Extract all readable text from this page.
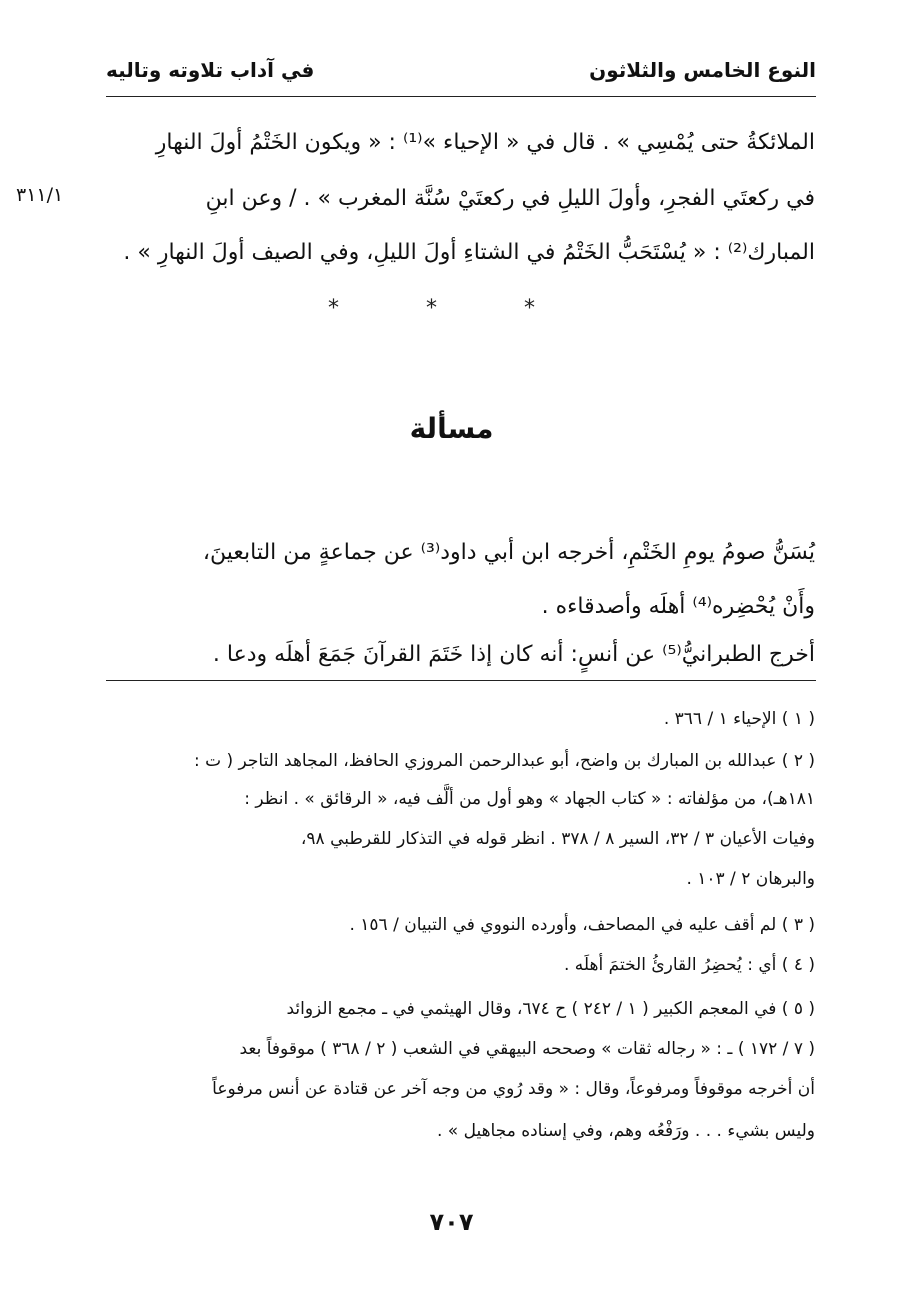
النوع الخامس والثلاثون
في آداب تلاوته وتاليه
الملائكةُ حتى يُمْسِي » . قال في « الإحياء »⁽¹⁾ : « ويكون الخَتْمُ أولَ النهارِ
في ركعتَي الفجرِ، وأولَ الليلِ في ركعتَيْ سُنَّة المغرب » . / وعن ابنِ
المبارك⁽²⁾ : « يُسْتَحَبُّ الخَتْمُ في الشتاءِ أولَ الليلِ، وفي الصيف أولَ النهارِ » .
٣١١/١
* * *
مسألة
يُسَنُّ صومُ يومِ الخَتْمِ، أخرجه ابن أبي داود⁽³⁾ عن جماعةٍ من التابعينَ،
وأَنْ يُحْضِره⁽⁴⁾ أهلَه وأصدقاءه .
أخرج الطبرانيُّ⁽⁵⁾ عن أنسٍ: أنه كان إذا خَتَمَ القرآنَ جَمَعَ أهلَه ودعا .
( ١ ) الإحياء ١ / ٣٦٦ .
( ٢ ) عبدالله بن المبارك بن واضح، أبو عبدالرحمن المروزي الحافظ، المجاهد التاجر ( ت :
١٨١هـ)، من مؤلفاته : « كتاب الجهاد » وهو أول من ألَّف فيه، « الرقائق » . انظر :
وفيات الأعيان ٣ / ٣٢، السير ٨ / ٣٧٨ . انظر قوله في التذكار للقرطبي ٩٨،
والبرهان ٢ / ١٠٣ .
( ٣ ) لم أقف عليه في المصاحف، وأورده النووي في التبيان / ١٥٦ .
( ٤ ) أي : يُحضِرُ القارئُ الختمَ أهلَه .
( ٥ ) في المعجم الكبير ( ١ / ٢٤٢ ) ح ٦٧٤، وقال الهيثمي في ـ مجمع الزوائد
( ٧ / ١٧٢ ) ـ : « رجاله ثقات » وصححه البيهقي في الشعب ( ٢ / ٣٦٨ ) موقوفاً بعد
أن أخرجه موقوفاً ومرفوعاً، وقال : « وقد رُوي من وجه آخر عن قتادة عن أنس مرفوعاً
وليس بشيء . . . ورَفْعُه وهم، وفي إسناده مجاهيل » .
٧٠٧
